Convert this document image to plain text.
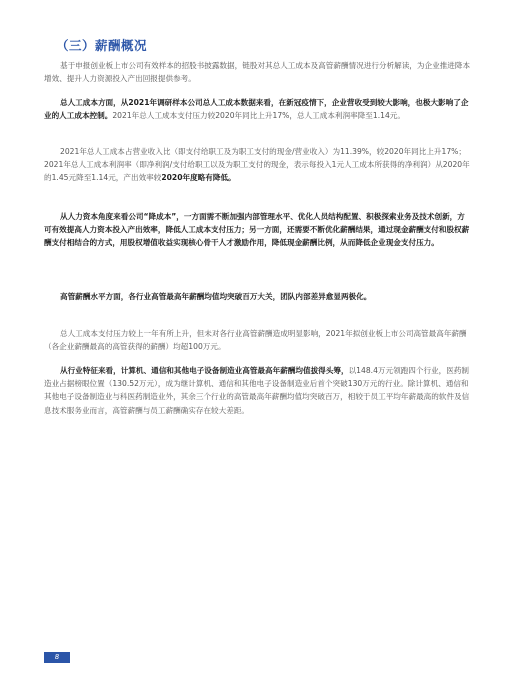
（三）薪酬概况

基于申报创业板上市公司有效样本的招股书披露数据，链股对其总人工成本及高管薪酬情况进行分析解读，为企业推进降本增效、提升人力资源投入产出回报提供参考。

总人工成本方面，从2021年调研样本公司总人工成本数据来看，在新冠疫情下，企业营收受到较大影响，也极大影响了企业的人工成本控制。2021年总人工成本支付压力较2020年同比上升17%，总人工成本利润率降至1.14元。

2021年总人工成本占营业收入比（即支付给职工及为职工支付的现金/营业收入）为11.39%，较2020年同比上升17%；2021年总人工成本利润率（即净利润/支付给职工以及为职工支付的现金，表示每投入1元人工成本所获得的净利润）从2020年的1.45元降至1.14元，产出效率较2020年度略有降低。

从人力资本角度来看公司“降成本”，一方面需不断加强内部管理水平、优化人员结构配置、积极探索业务及技术创新，方可有效提高人力资本投入产出效率，降低人工成本支付压力；另一方面，还需要不断优化薪酬结果，通过现金薪酬支付和股权薪酬支付相结合的方式，用股权增值收益实现核心骨干人才激励作用，降低现金薪酬比例，从而降低企业现金支付压力。

高管薪酬水平方面，各行业高管最高年薪酬均值均突破百万大关，团队内部差异愈显两极化。

总人工成本支付压力较上一年有所上升，但未对各行业高管薪酬造成明显影响，2021年拟创业板上市公司高管最高年薪酬（各企业薪酬最高的高管获得的薪酬）均超100万元。

从行业特征来看，计算机、通信和其他电子设备制造业高管最高年薪酬均值拔得头筹，以148.4万元领跑四个行业，医药制造业占据榜眼位置（130.52万元），成为继计算机、通信和其他电子设备制造业后首个突破130万元的行业。除计算机、通信和其他电子设备制造业与科医药制造业外，其余三个行业的高管最高年薪酬均值均突破百万，相较于员工平均年薪最高的软件及信息技术服务业而言，高管薪酬与员工薪酬确实存在较大差距。

8
